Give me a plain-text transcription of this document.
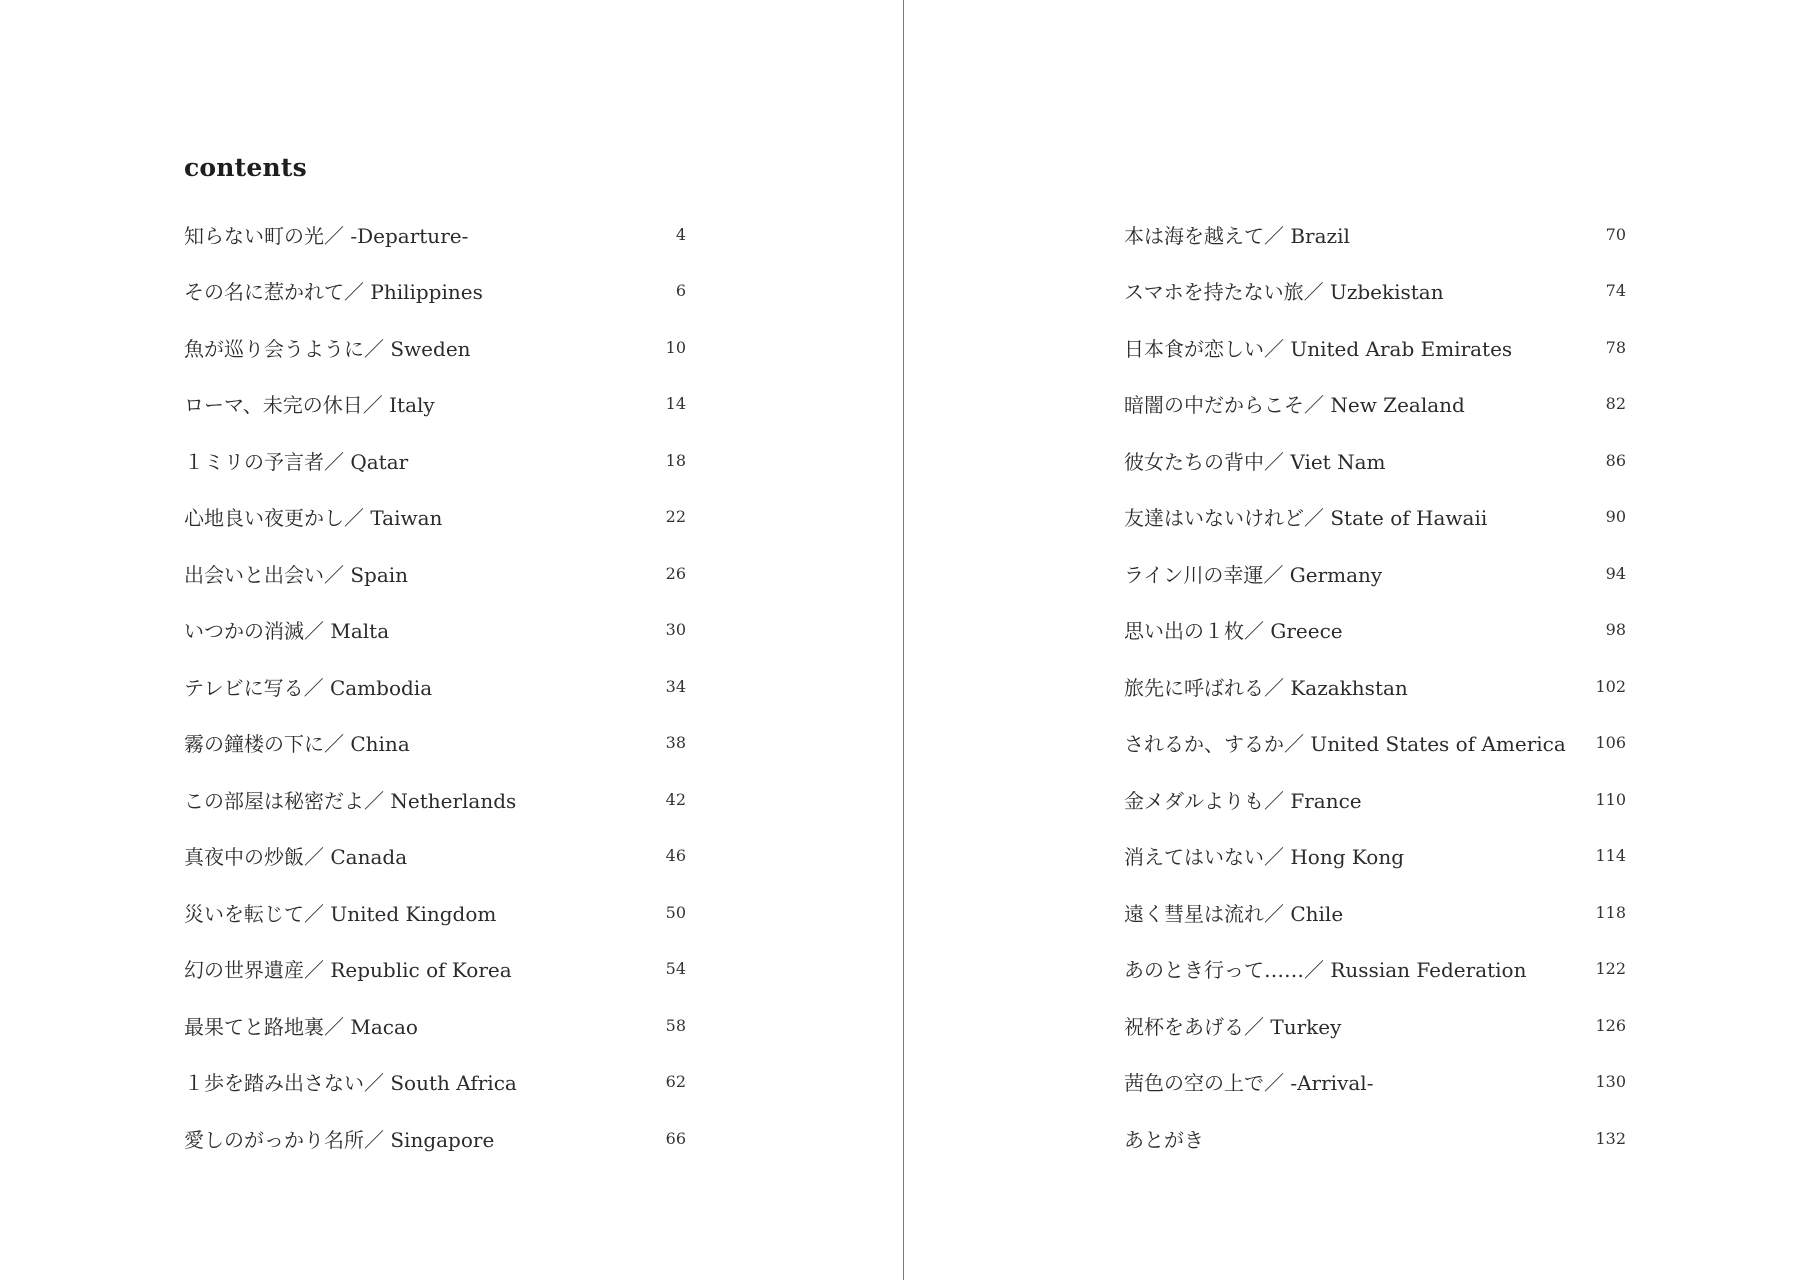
contents
知らない町の光／ -Departure-	4
その名に惹かれて／ Philippines	6
魚が巡り会うように／ Sweden	10
ローマ、未完の休日／ Italy	14
１ミリの予言者／ Qatar	18
心地良い夜更かし／ Taiwan	22
出会いと出会い／ Spain	26
いつかの消滅／ Malta	30
テレビに写る／ Cambodia	34
霧の鐘楼の下に／ China	38
この部屋は秘密だよ／ Netherlands	42
真夜中の炒飯／ Canada	46
災いを転じて／ United Kingdom	50
幻の世界遺産／ Republic of Korea	54
最果てと路地裏／ Macao	58
１歩を踏み出さない／ South Africa	62
愛しのがっかり名所／ Singapore	66
本は海を越えて／ Brazil	70
スマホを持たない旅／ Uzbekistan	74
日本食が恋しい／ United Arab Emirates	78
暗闇の中だからこそ／ New Zealand	82
彼女たちの背中／ Viet Nam	86
友達はいないけれど／ State of Hawaii	90
ライン川の幸運／ Germany	94
思い出の１枚／ Greece	98
旅先に呼ばれる／ Kazakhstan	102
されるか、するか／ United States of America 106
金メダルよりも／ France	110
消えてはいない／ Hong Kong	114
遠く彗星は流れ／ Chile	118
あのとき行って……／ Russian Federation	122
祝杯をあげる／ Turkey	126
茜色の空の上で／ -Arrival-	130
あとがき	132
